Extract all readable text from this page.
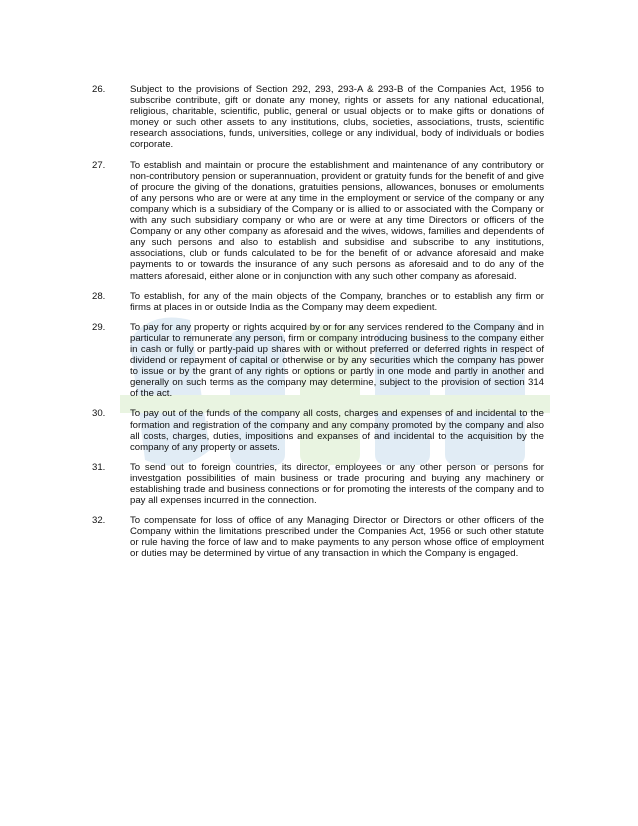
26.	Subject to the provisions of Section 292, 293, 293-A & 293-B of the Companies Act, 1956 to subscribe contribute, gift or donate any money, rights or assets for any national educational, religious, charitable, scientific, public, general or usual objects or to make gifts or donations of money or such other assets to any institutions, clubs, societies, associations, trusts, scientific research associations, funds, universities, college or any individual, body of individuals or bodies corporate.
27.	To establish and maintain or procure the establishment and maintenance of any contributory or non-contributory pension or superannuation, provident or gratuity funds for the benefit of and give of procure the giving of the donations, gratuities pensions, allowances, bonuses or emoluments of any persons who are or were at any time in the employment or service of the company or any company which is a subsidiary of the Company or is allied to or associated with the Company or with any such subsidiary company or who are or were at any time Directors or officers of the Company or any other company as aforesaid and the wives, widows, families and dependents of any such persons and also to establish and subsidise and subscribe to any institutions, associations, club or funds calculated to be for the benefit of or advance aforesaid and make payments to or towards the insurance of any such persons as aforesaid and to do any of the matters aforesaid, either alone or in conjunction with any such other company as aforesaid.
28.	To establish, for any of the main objects of the Company, branches or to establish any firm or firms at places in or outside India as the Company may deem expedient.
29.	To pay for any property or rights acquired by or for any services rendered to the Company and in particular to remunerate any person, firm or company introducing business to the company either in cash or fully or partly-paid up shares with or without preferred or deferred rights in respect of dividend or repayment of capital or otherwise or by any securities which the company has power to issue or by the grant of any rights or options or partly in one mode and partly in another and generally on such terms as the company may determine, subject to the provision of section 314 of the act.
30.	To pay out of the funds of the company all costs, charges and expenses of and incidental to the formation and registration of the company and any company promoted by the company and also all costs, charges, duties, impositions and expanses of and incidental to the acquisition by the company of any property or assets.
31.	To send out to foreign countries, its director, employees or any other person or persons for investgation possibilities of main business or trade procuring and buying any machinery or establishing trade and business connections or for promoting the interests of the company and to pay all expenses incurred in the connection.
32.	To compensate for loss of office of any Managing Director or Directors or other officers of the Company within the limitations prescribed under the Companies Act, 1956 or such other statute or rule having the force of law and to make payments to any person whose office of employment or duties may be determined by virtue of any transaction in which the Company is engaged.
